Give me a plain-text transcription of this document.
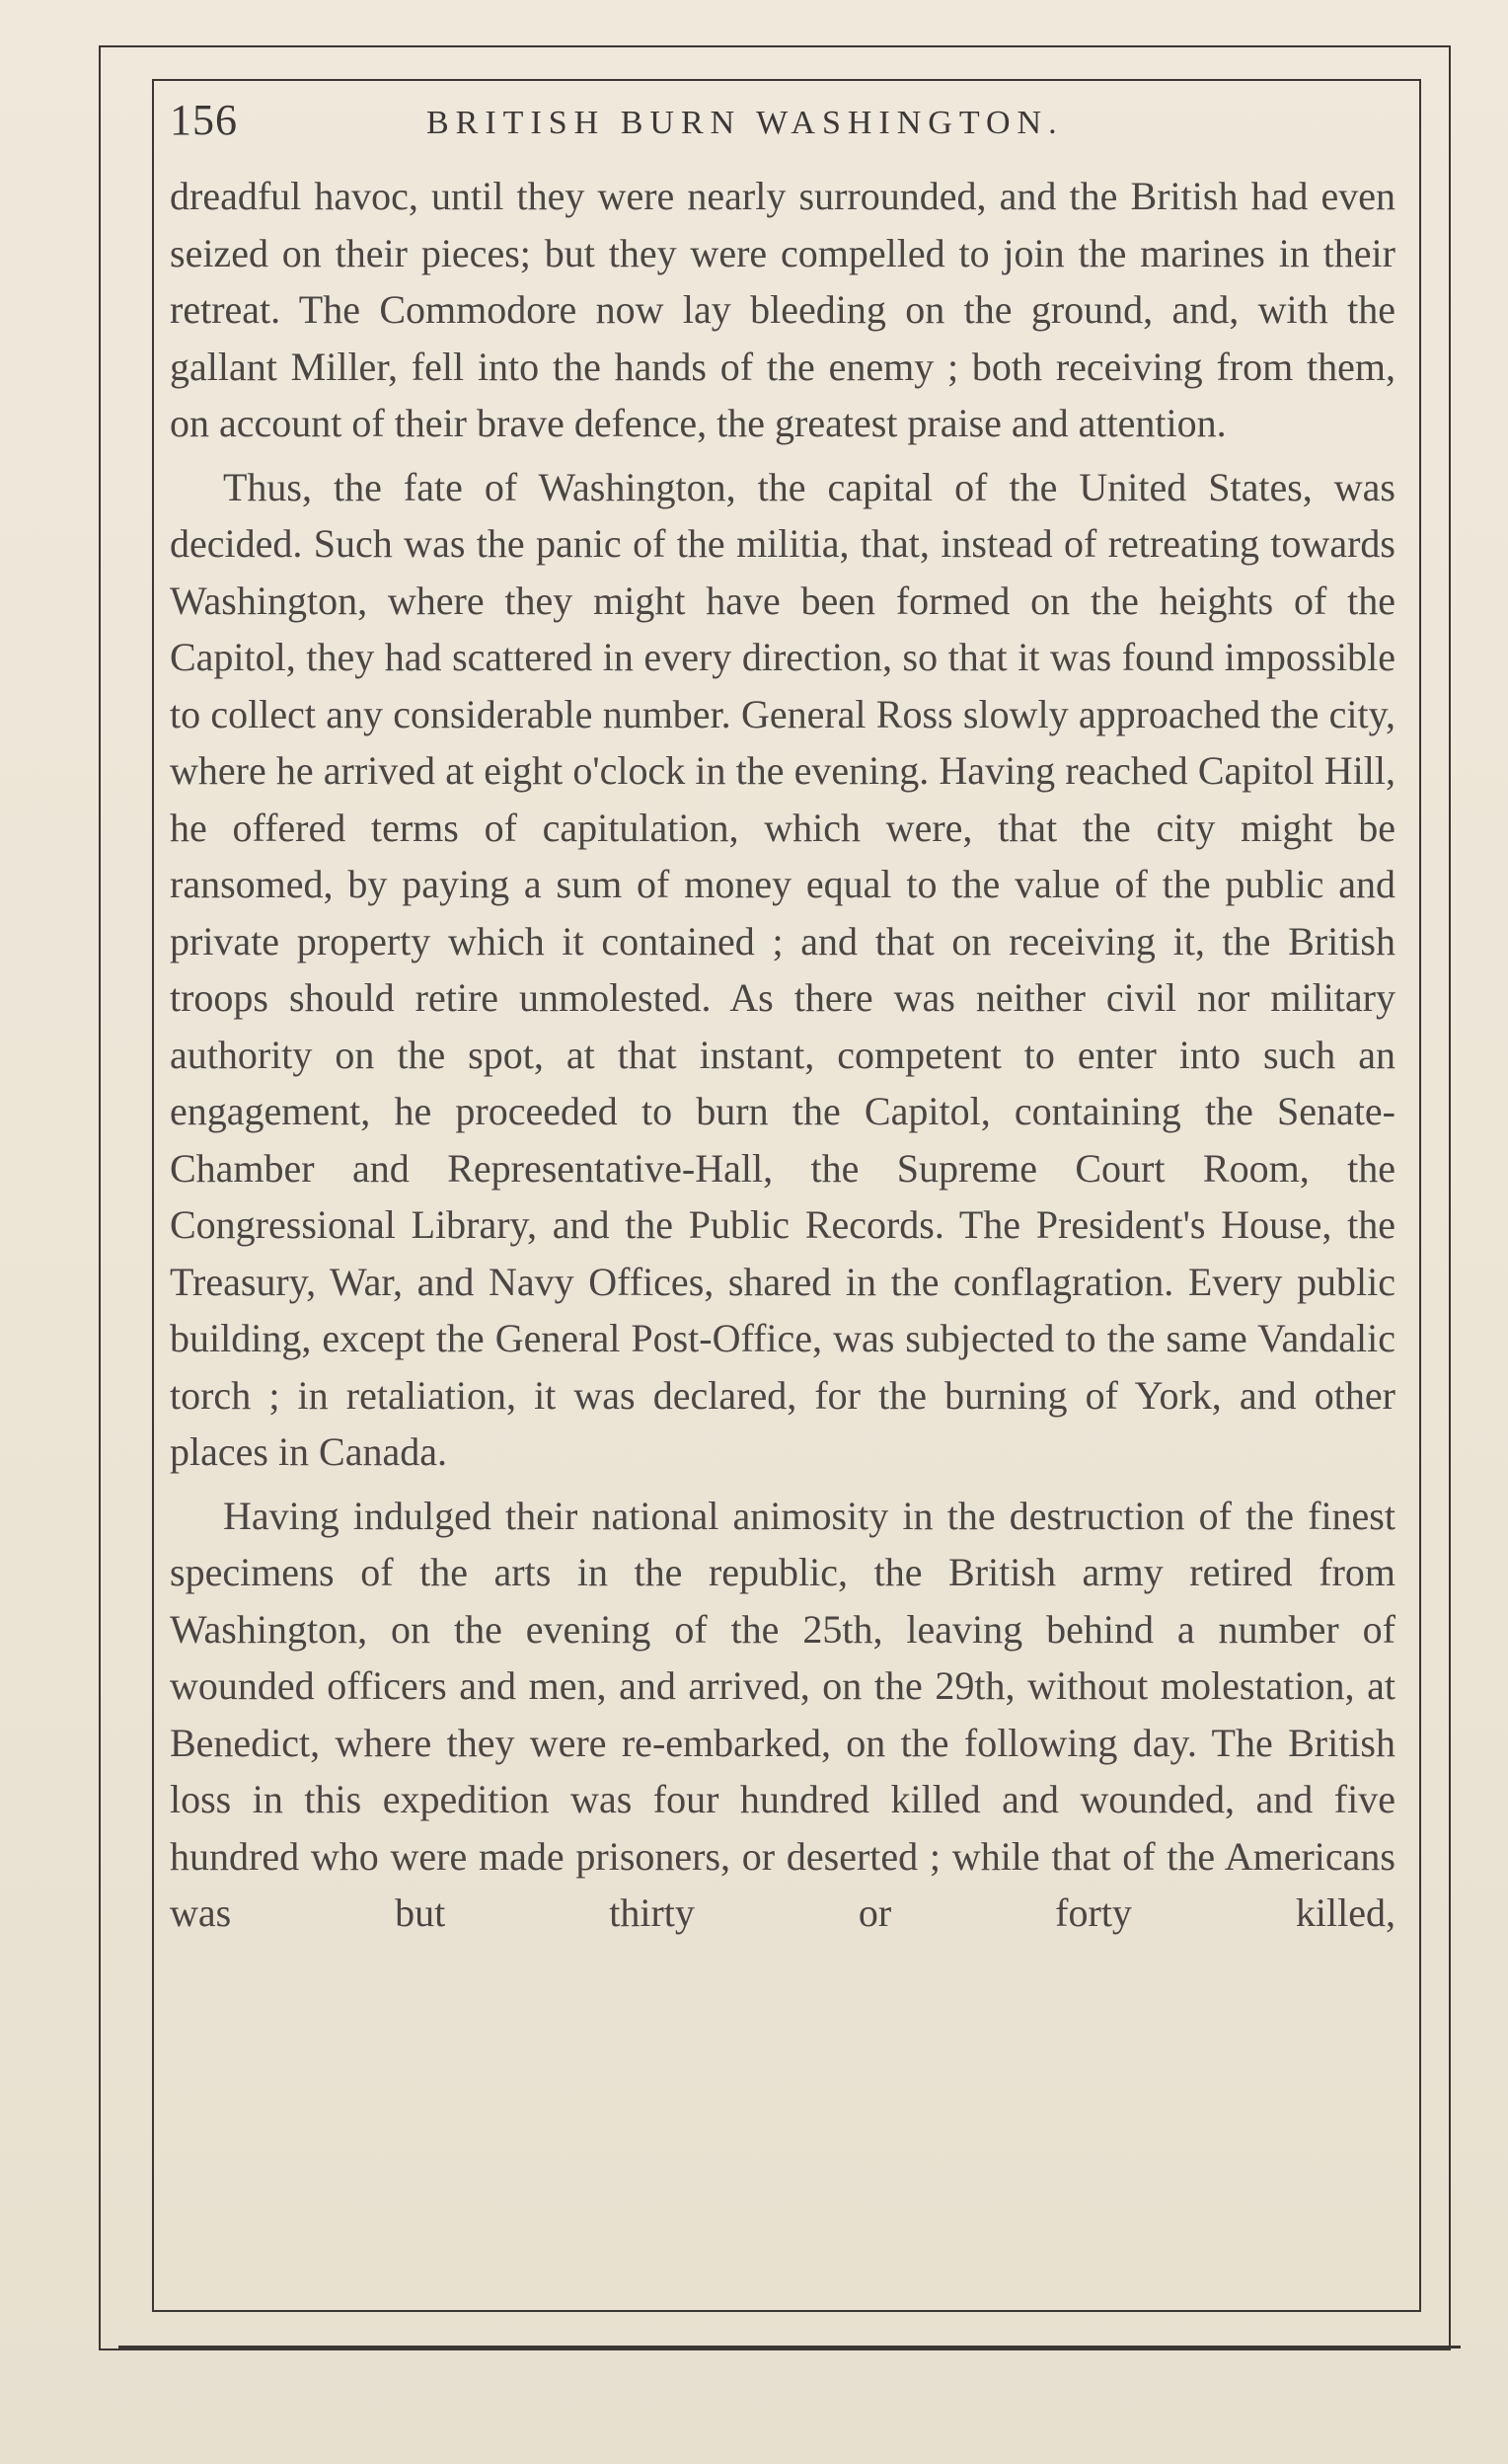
156	BRITISH BURN WASHINGTON.

dreadful havoc, until they were nearly surrounded, and the British had even seized on their pieces; but they were compelled to join the marines in their retreat. The Commodore now lay bleeding on the ground, and, with the gallant Miller, fell into the hands of the enemy ; both receiving from them, on account of their brave defence, the greatest praise and attention.

Thus, the fate of Washington, the capital of the United States, was decided. Such was the panic of the militia, that, instead of retreating towards Washington, where they might have been formed on the heights of the Capitol, they had scattered in every direction, so that it was found impossible to collect any considerable number. General Ross slowly approached the city, where he arrived at eight o'clock in the evening. Having reached Capitol Hill, he offered terms of capitulation, which were, that the city might be ransomed, by paying a sum of money equal to the value of the public and private property which it contained ; and that on receiving it, the British troops should retire unmolested. As there was neither civil nor military authority on the spot, at that instant, competent to enter into such an engagement, he proceeded to burn the Capitol, containing the Senate-Chamber and Representative-Hall, the Supreme Court Room, the Congressional Library, and the Public Records. The President's House, the Treasury, War, and Navy Offices, shared in the conflagration. Every public building, except the General Post-Office, was subjected to the same Vandalic torch ; in retaliation, it was declared, for the burning of York, and other places in Canada.

Having indulged their national animosity in the destruction of the finest specimens of the arts in the republic, the British army retired from Washington, on the evening of the 25th, leaving behind a number of wounded officers and men, and arrived, on the 29th, without molestation, at Benedict, where they were re-embarked, on the following day. The British loss in this expedition was four hundred killed and wounded, and five hundred who were made prisoners, or deserted ; while that of the Americans was but thirty or forty killed,
